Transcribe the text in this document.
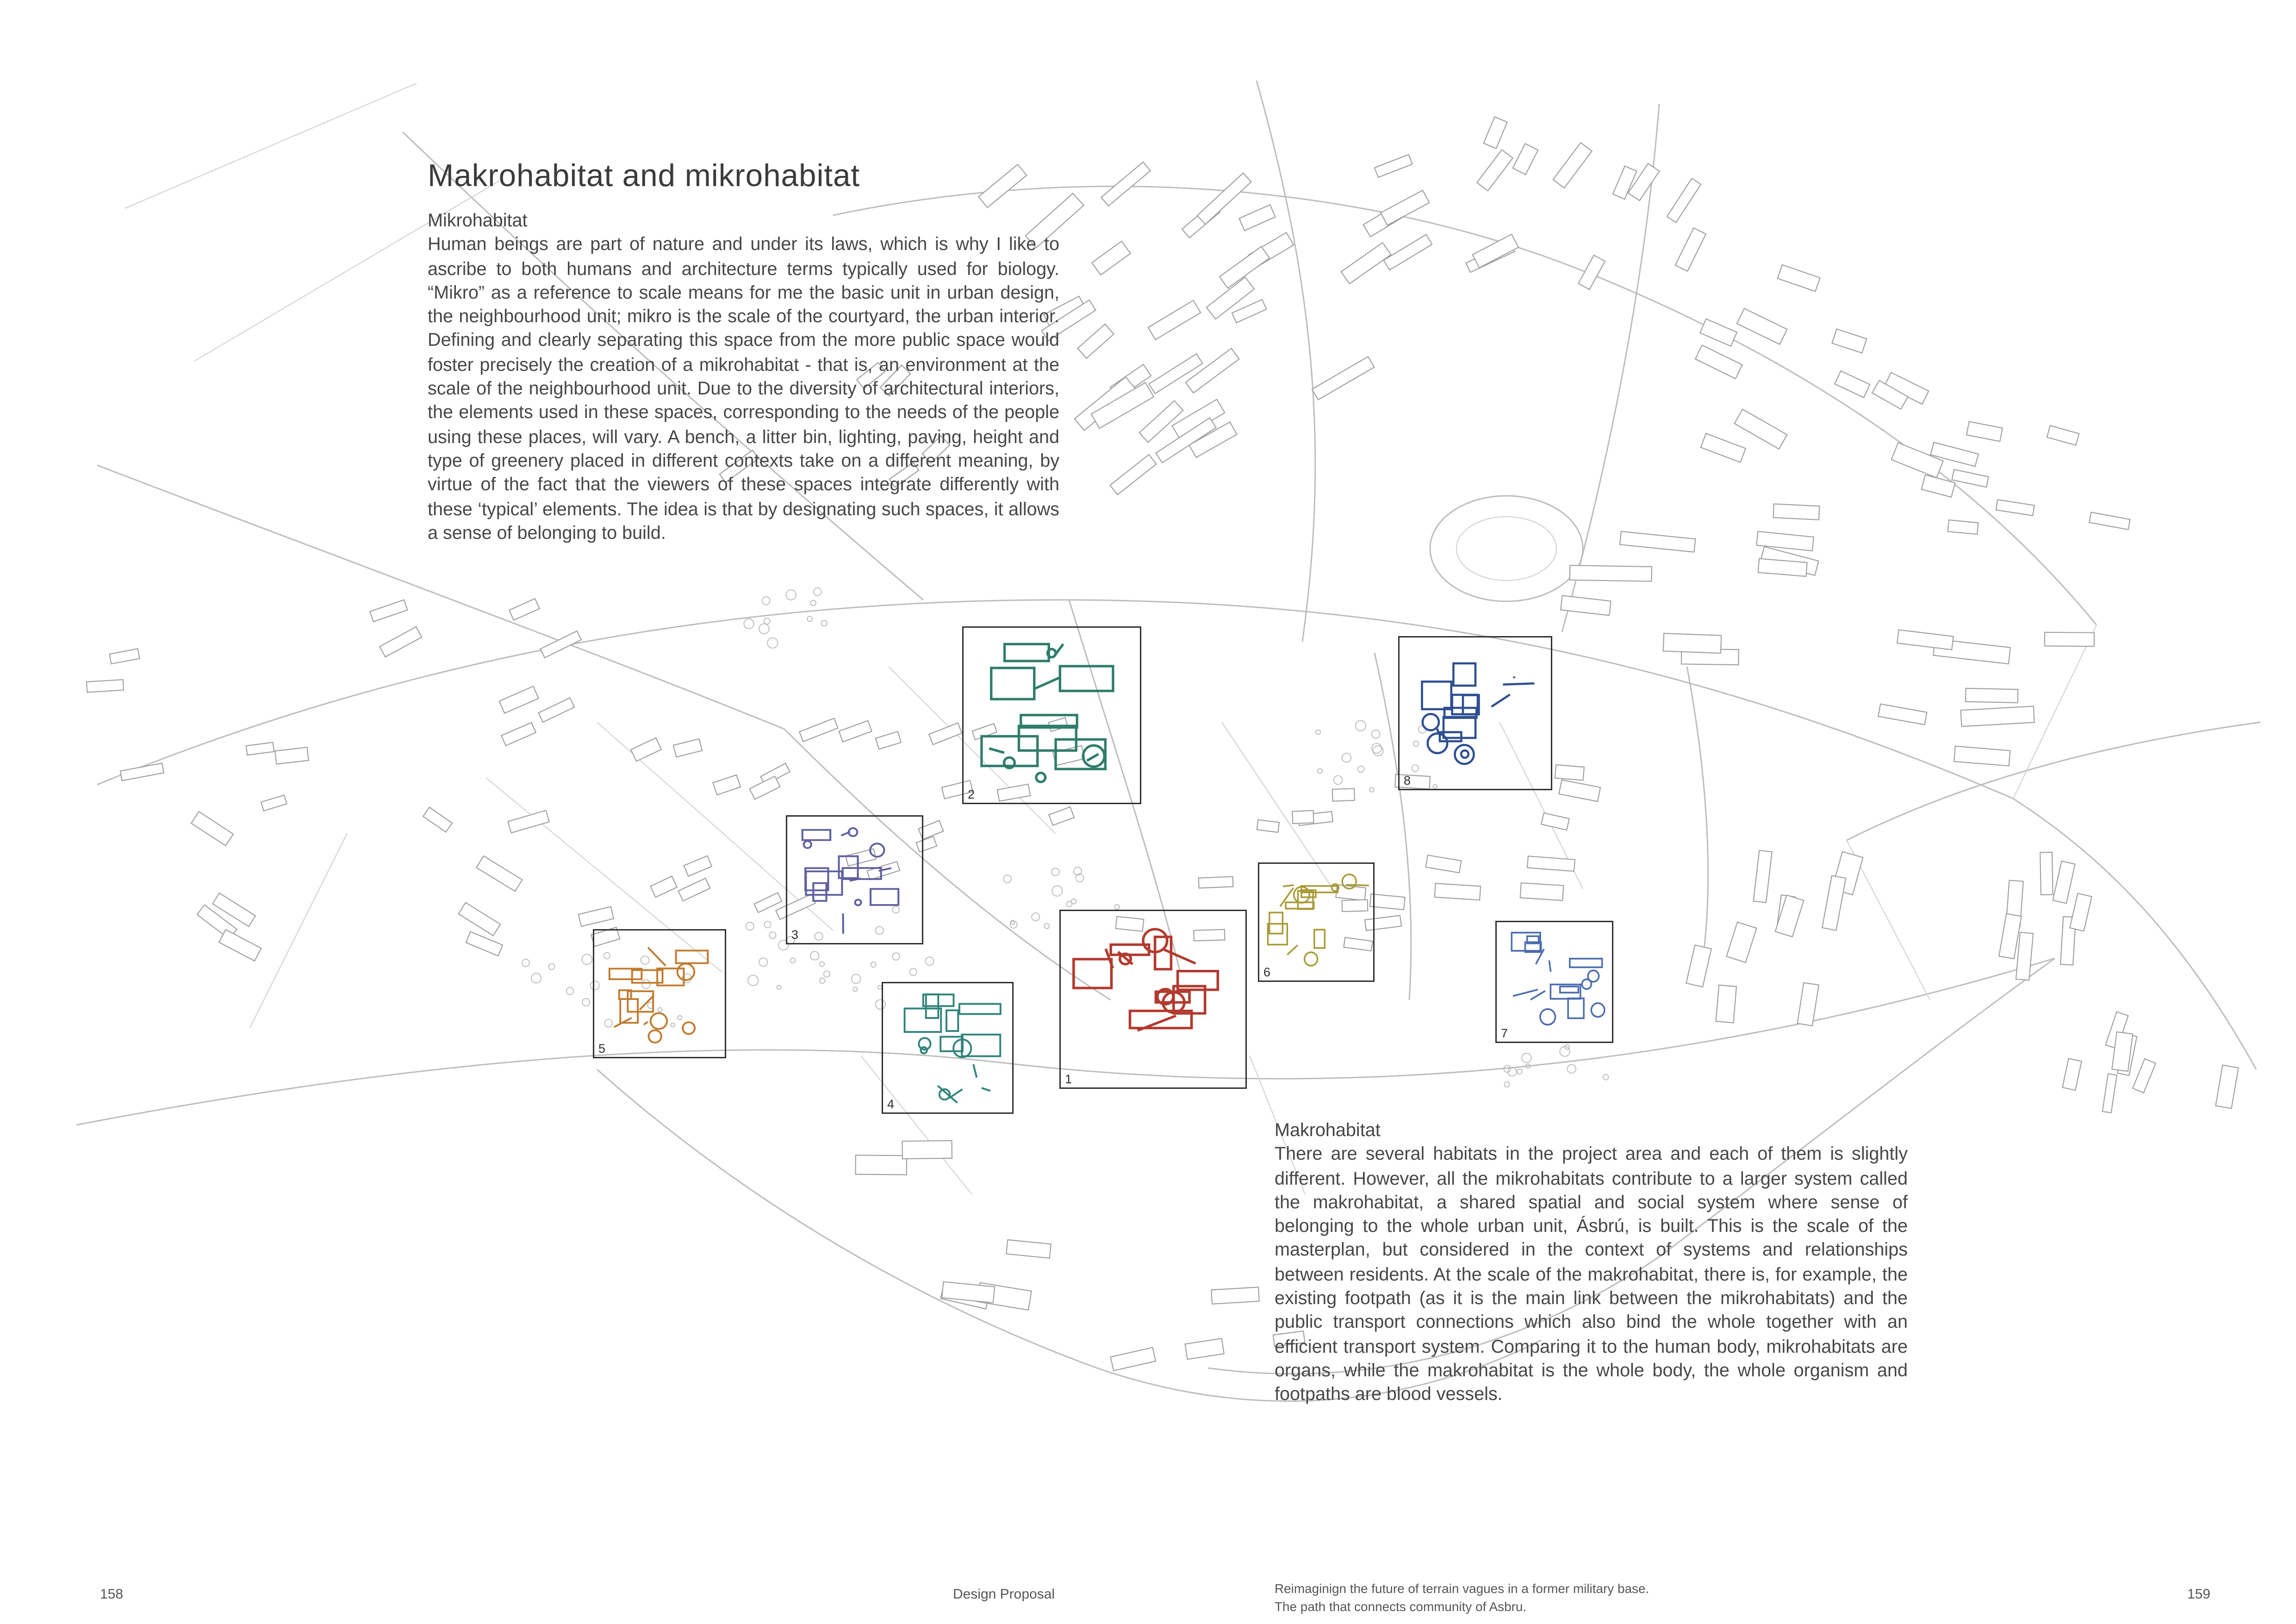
Makrohabitat and mikrohabitat
Mikrohabitat

Human beings are part of nature and under its laws, which is why I like to ascribe to both humans and architecture terms typically used for biology. “Mikro” as a reference to scale means for me the basic unit in urban design, the neighbourhood unit; mikro is the scale of the courtyard, the urban interior. Defining and clearly separating this space from the more public space would foster precisely the creation of a mikrohabitat - that is, an environment at the scale of the neighbourhood unit. Due to the diversity of architectural interiors, the elements used in these spaces, corresponding to the needs of the people using these places, will vary. A bench, a litter bin, lighting, paving, height and type of greenery placed in different contexts take on a different meaning, by virtue of the fact that the viewers of these spaces integrate differently with these ‘typical’ elements. The idea is that by designating such spaces, it allows a sense of belonging to build.

Makrohabitat

There are several habitats in the project area and each of them is slightly different. However, all the mikrohabitats contribute to a larger system called the makrohabitat, a shared spatial and social system where sense of belonging to the whole urban unit, Ásbrú, is built. This is the scale of the masterplan, but considered in the context of systems and relationships between residents. At the scale of the makrohabitat, there is, for example, the existing footpath (as it is the main link between the mikrohabitats) and the public transport connections which also bind the whole together with an efficient transport system. Comparing it to the human body, mikrohabitats are organs, while the makrohabitat is the whole body, the whole organism and footpaths are blood vessels.

1
2
3
4
5
6
7
8
158	Design Proposal	Reimaginign the future of terrain vagues in a former military base.
The path that connects community of Asbru.
159
